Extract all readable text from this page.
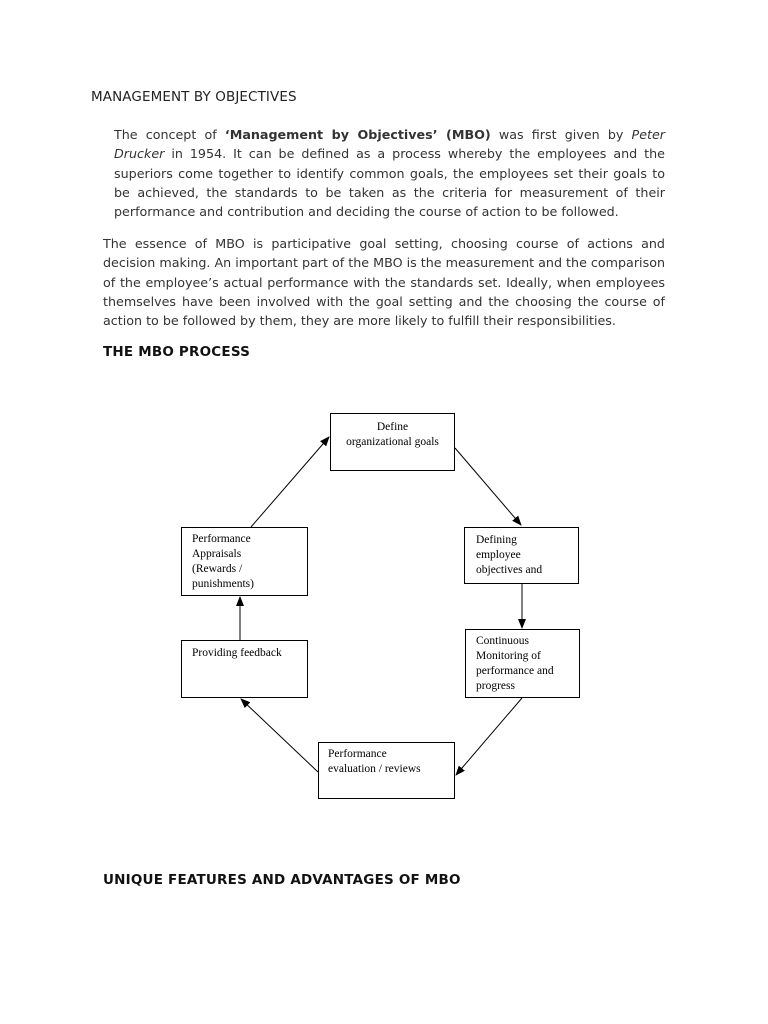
MANAGEMENT BY OBJECTIVES

The concept of ‘Management by Objectives’ (MBO) was first given by Peter Drucker in 1954. It can be defined as a process whereby the employees and the superiors come together to identify common goals, the employees set their goals to be achieved, the standards to be taken as the criteria for measurement of their performance and contribution and deciding the course of action to be followed.

The essence of MBO is participative goal setting, choosing course of actions and decision making. An important part of the MBO is the measurement and the comparison of the employee’s actual performance with the standards set. Ideally, when employees themselves have been involved with the goal setting and the choosing the course of action to be followed by them, they are more likely to fulfill their responsibilities.

THE MBO PROCESS
Define
organizational goals
Defining
employee
objectives and
Continuous
Monitoring of
performance and
progress
Performance
evaluation / reviews
Providing feedback
Performance
Appraisals
(Rewards /
punishments)
UNIQUE FEATURES AND ADVANTAGES OF MBO
